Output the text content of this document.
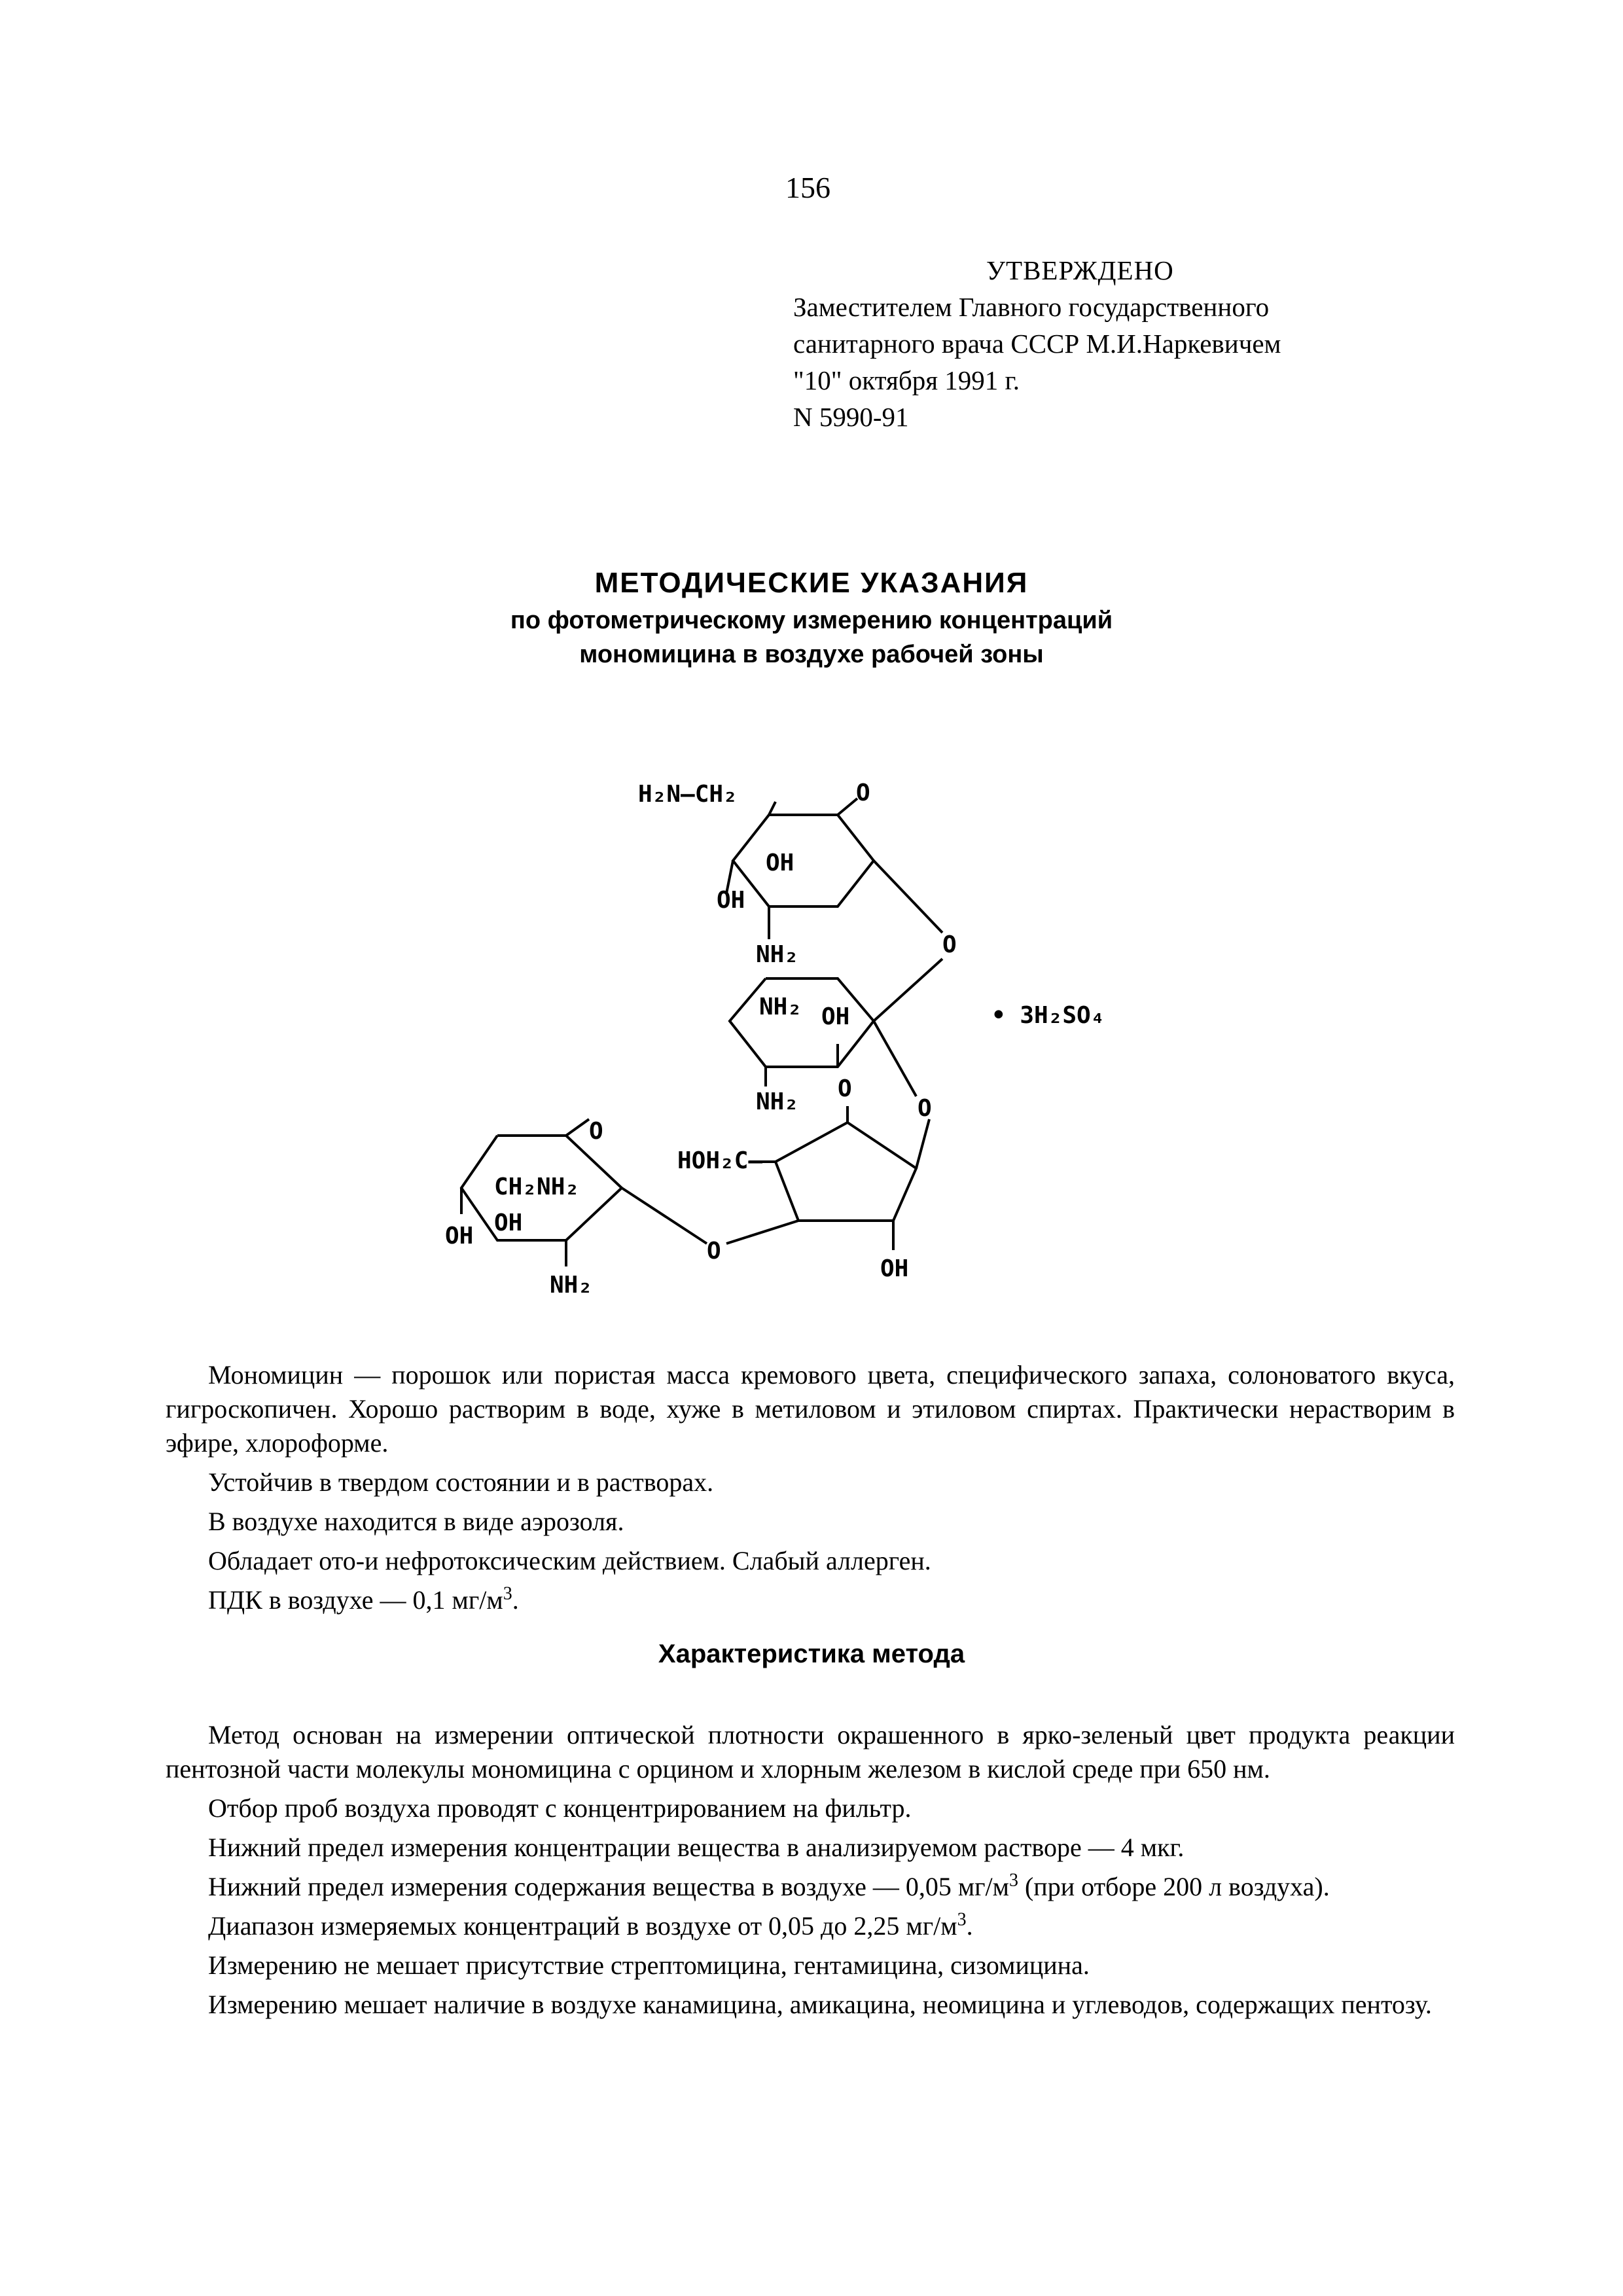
156
УТВЕРЖДЕНО
Заместителем Главного государственного
санитарного врача СССР М.И.Наркевичем
"10" октября 1991 г.
N 5990-91
МЕТОДИЧЕСКИЕ УКАЗАНИЯ
по фотометрическому измерению концентраций
мономицина в воздухе рабочей зоны
H₂N—CH₂	O
OH
OH
NH₂	O
NH₂ OH
NH₂ O
O
• 3H₂SO₄
HOH₂C—
O
CH₂NH₂
OH
OH
O
OH
NH₂

Мономицин — порошок или пористая масса кремового цвета, специфического запаха, солоноватого вкуса, гигроскопичен. Хорошо растворим в воде, хуже в метиловом и этиловом спиртах. Практически нерастворим в эфире, хлороформе.

Устойчив в твердом состоянии и в растворах.

В воздухе находится в виде аэрозоля.

Обладает ото-и нефротоксическим действием. Слабый аллерген.

ПДК в воздухе — 0,1 $мг/м^3$.

Характеристика метода

Метод основан на измерении оптической плотности окрашенного в ярко-зеленый цвет продукта реакции пентозной части молекулы мономицина с орцином и хлорным железом в кислой среде при 650 нм.

Отбор проб воздуха проводят с концентрированием на фильтр.

Нижний предел измерения концентрации вещества в анализируемом растворе — 4 мкг.

Нижний предел измерения содержания вещества в воздухе — 0,05 $мг/м^3$ (при отборе 200 л воздуха).

Диапазон измеряемых концентраций в воздухе от 0,05 до 2,25 $мг/м^3$.

Измерению не мешает присутствие стрептомицина, гентамицина, сизомицина.

Измерению мешает наличие в воздухе канамицина, амикацина, неомицина и углеводов, содержащих пентозу.
